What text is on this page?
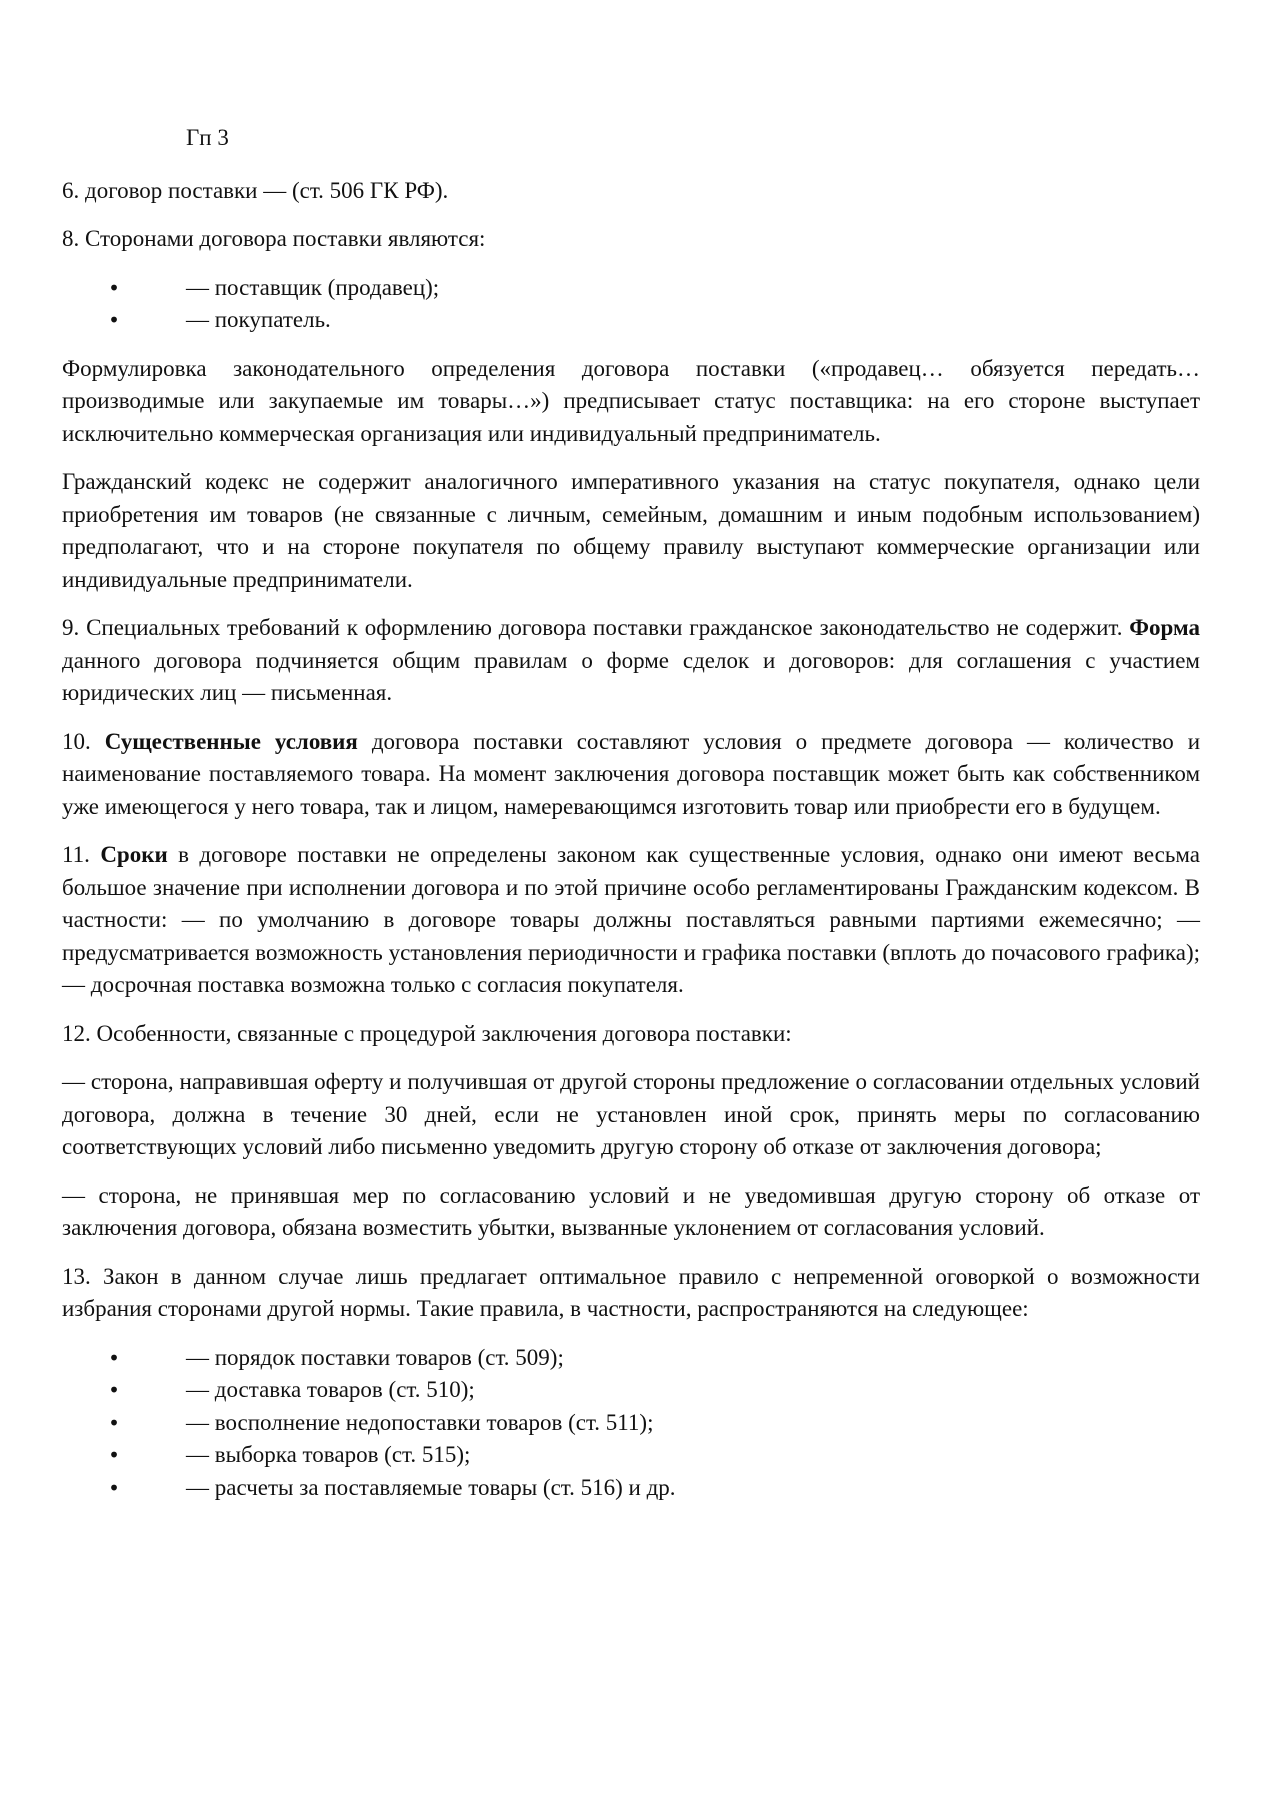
Гп 3

6. договор поставки — (ст. 506 ГК РФ).

8. Сторонами договора поставки являются:

•	— поставщик (продавец);
•	— покупатель.

Формулировка законодательного определения договора поставки («продавец… обязуется передать… производимые или закупаемые им товары…») предписывает статус поставщика: на его стороне выступает исключительно коммерческая организация или индивидуальный предприниматель.

Гражданский кодекс не содержит аналогичного императивного указания на статус покупателя, однако цели приобретения им товаров (не связанные с личным, семейным, домашним и иным подобным использованием) предполагают, что и на стороне покупателя по общему правилу выступают коммерческие организации или индивидуальные предприниматели.

9. Специальных требований к оформлению договора поставки гражданское законодательство не содержит. Форма данного договора подчиняется общим правилам о форме сделок и договоров: для соглашения с участием юридических лиц — письменная.

10. Существенные условия договора поставки составляют условия о предмете договора — количество и наименование поставляемого товара. На момент заключения договора поставщик может быть как собственником уже имеющегося у него товара, так и лицом, намеревающимся изготовить товар или приобрести его в будущем.

11. Сроки в договоре поставки не определены законом как существенные условия, однако они имеют весьма большое значение при исполнении договора и по этой причине особо регламентированы Гражданским кодексом. В частности: — по умолчанию в договоре товары должны поставляться равными партиями ежемесячно; — предусматривается возможность установления периодичности и графика поставки (вплоть до почасового графика); — досрочная поставка возможна только с согласия покупателя.

12. Особенности, связанные с процедурой заключения договора поставки:

— сторона, направившая оферту и получившая от другой стороны предложение о согласовании отдельных условий договора, должна в течение 30 дней, если не установлен иной срок, принять меры по согласованию соответствующих условий либо письменно уведомить другую сторону об отказе от заключения договора;

— сторона, не принявшая мер по согласованию условий и не уведомившая другую сторону об отказе от заключения договора, обязана возместить убытки, вызванные уклонением от согласования условий.

13. Закон в данном случае лишь предлагает оптимальное правило с непременной оговоркой о возможности избрания сторонами другой нормы. Такие правила, в частности, распространяются на следующее:

•	— порядок поставки товаров (ст. 509);
•	— доставка товаров (ст. 510);
•	— восполнение недопоставки товаров (ст. 511);
•	— выборка товаров (ст. 515);
•	— расчеты за поставляемые товары (ст. 516) и др.
